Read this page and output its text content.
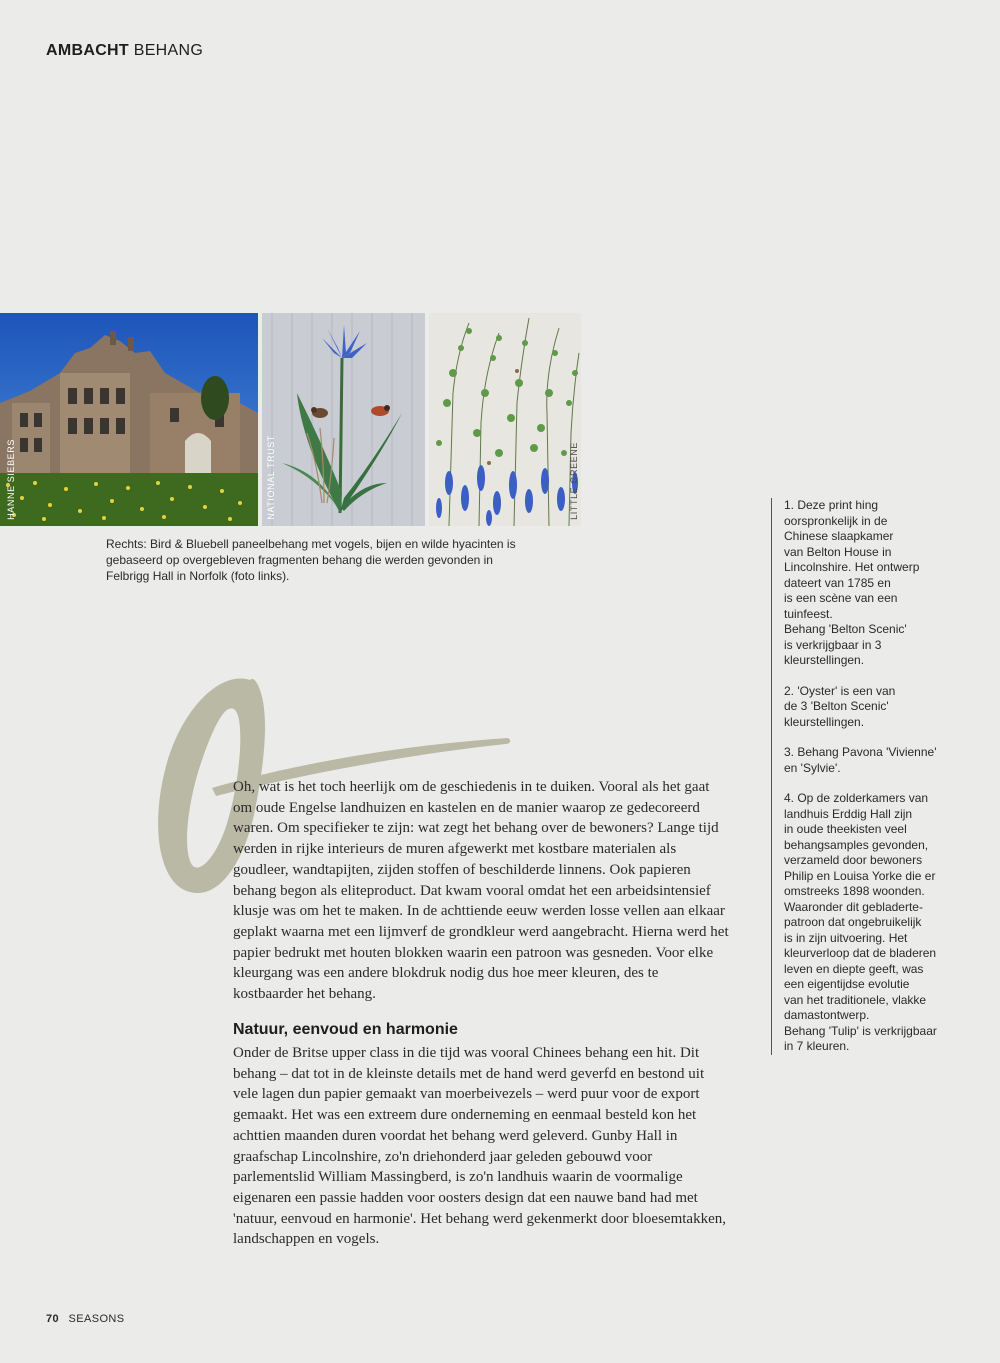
AMBACHT BEHANG
HANNE SIEBERS	NATIONAL TRUST	LITTLE GREENE
Rechts: Bird & Bluebell paneelbehang met vogels, bijen en wilde hyacinten is gebaseerd op overgebleven fragmenten behang die werden gevonden in Felbrigg Hall in Norfolk (foto links).

1. Deze print hing
oorspronkelijk in de
Chinese slaapkamer
van Belton House in
Lincolnshire. Het ontwerp
dateert van 1785 en
is een scène van een
tuinfeest.
Behang 'Belton Scenic'
is verkrijgbaar in 3
kleurstellingen.

2. 'Oyster' is een van
de 3 'Belton Scenic'
kleurstellingen.

3. Behang Pavona 'Vivienne'
en 'Sylvie'.

4. Op de zolderkamers van
landhuis Erddig Hall zijn
in oude theekisten veel
behangsamples gevonden,
verzameld door bewoners
Philip en Louisa Yorke die er
omstreeks 1898 woonden.
Waaronder dit gebladerte-
patroon dat ongebruikelijk
is in zijn uitvoering. Het
kleurverloop dat de bladeren
leven en diepte geeft, was
een eigentijdse evolutie
van het traditionele, vlakke
damastontwerp.
Behang 'Tulip' is verkrijgbaar
in 7 kleuren.

Oh, wat is het toch heerlijk om de geschiedenis in te duiken. Vooral als het gaat om oude Engelse landhuizen en kastelen en de manier waarop ze gedecoreerd waren. Om specifieker te zijn: wat zegt het behang over de bewoners? Lange tijd werden in rijke interieurs de muren afgewerkt met kostbare materialen als goudleer, wandtapijten, zijden stoffen of beschilderde linnens. Ook papieren behang begon als eliteproduct. Dat kwam vooral omdat het een arbeidsintensief klusje was om het te maken. In de achttiende eeuw werden losse vellen aan elkaar geplakt waarna met een lijmverf de grondkleur werd aangebracht. Hierna werd het papier bedrukt met houten blokken waarin een patroon was gesneden. Voor elke kleurgang was een andere blokdruk nodig dus hoe meer kleuren, des te kostbaarder het behang.

Natuur, eenvoud en harmonie

Onder de Britse upper class in die tijd was vooral Chinees behang een hit. Dit behang – dat tot in de kleinste details met de hand werd geverfd en bestond uit vele lagen dun papier gemaakt van moerbeivezels – werd puur voor de export gemaakt. Het was een extreem dure onderneming en eenmaal besteld kon het achttien maanden duren voordat het behang werd geleverd. Gunby Hall in graafschap Lincolnshire, zo'n driehonderd jaar geleden gebouwd voor parlementslid William Massingberd, is zo'n landhuis waarin de voormalige eigenaren een passie hadden voor oosters design dat een nauwe band had met 'natuur, eenvoud en harmonie'. Het behang werd gekenmerkt door bloesemtakken, landschappen en vogels.

70 SEASONS
